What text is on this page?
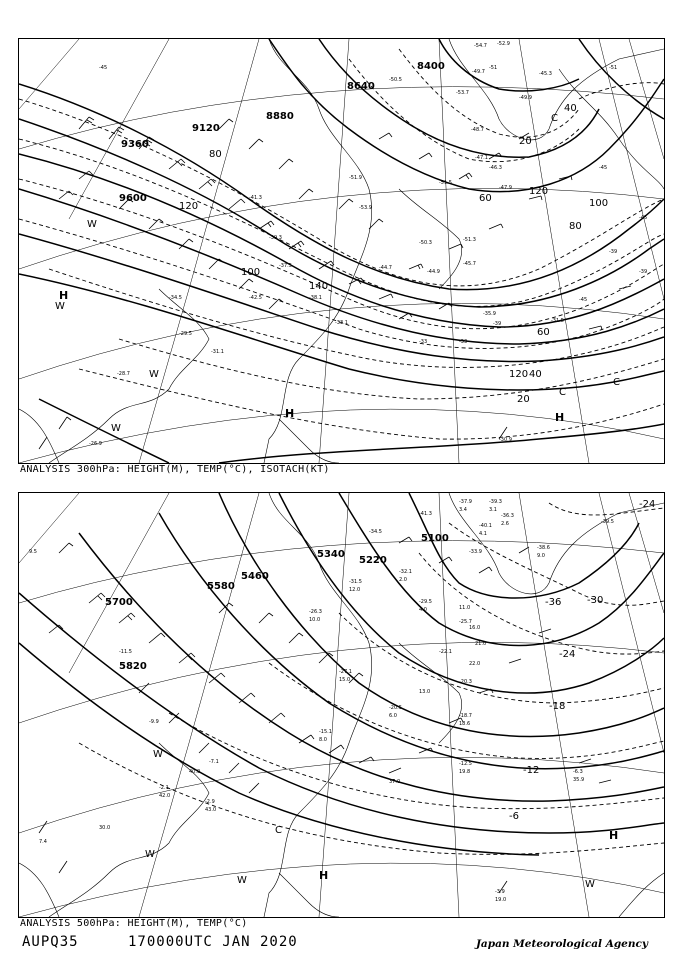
8400
8640
8880
9120
9360
9600
20
40
60
80
100
120
140
120
100
80
60
40
20
120
-54.7 -52.9
-49.7
-50.5
-53.7
-48.7
-47.1
-51.3
-45.7
-44.9
-35.9
-31.5
-31.1
-28.7
-26.9
-33.1
-29.5
-30.9
-34.5
-37.5
-41.3
-45.3
-49.9
-51.9
-53.9
-50.3
-51.5
-38.1
-44.7
-47.9
-46.3
-42.5
-39.3
-45	-51	-51
-45
-45
-39
-39
-33	-33
-39
-45
H
H	H
W
W
W
W
C
C
C
ANALYSIS 300hPa: HEIGHT(M), TEMP(°C), ISOTACH(KT)
5100
5220
5340
5460
5580
5700
5820
-24
-30
-36
-24
-18
-12
-6
-37.9	-39.3
-41.3
-40.1
-38.6
-36.3
-39.5
-34.5
-31.5
-26.3
-27.1
-20.5
-15.1
-11.5
-9.9
-7.1
-3.9
-2.9
-2.1
-6.3
-12.5
-18.7
-20.3
-22.1
-25.7
-29.5
-32.1
-33.9
3.4	3.1
4.1
2.6
9.0
11.0
16.0
19.0
21.0
22.0
13.0
30.0
37.0
40.0
43.0
42.0
35.9
19.8
18.6
15.0
12.0
10.0
8.0
6.0
4.0
2.0
9.5
7.4
H
H
W
W
W	W
C
ANALYSIS 500hPa: HEIGHT(M), TEMP(°C)
AUPQ35	170000UTC JAN 2020	Japan Meteorological Agency
